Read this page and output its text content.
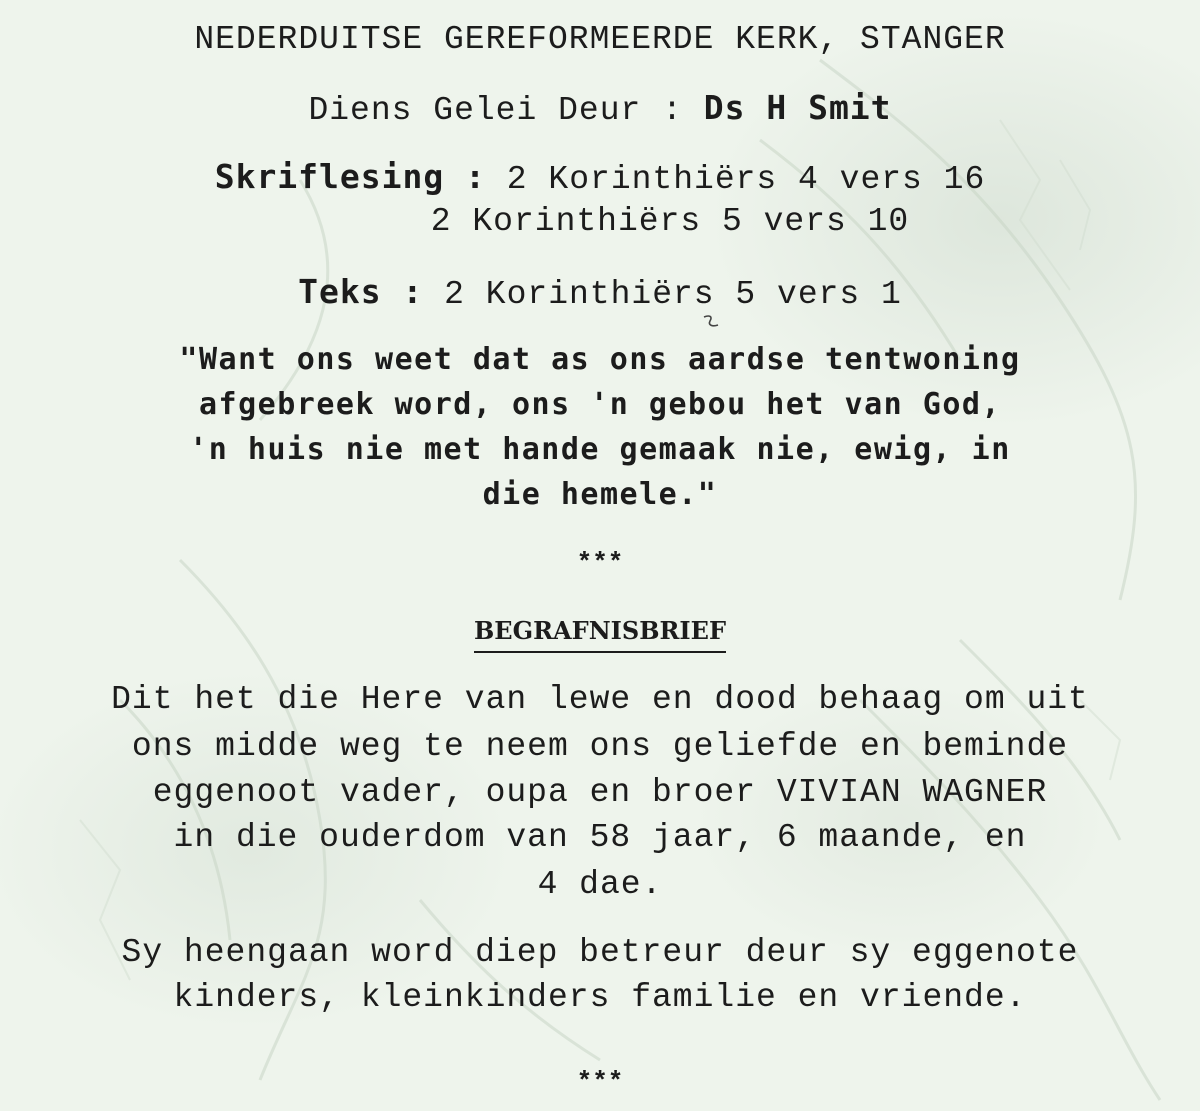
NEDERDUITSE GEREFORMEERDE KERK, STANGER
Diens Gelei Deur : Ds H Smit
Skriflesing : 2 Korinthiërs 4 vers 16
2 Korinthiërs 5 vers 10
Teks : 2 Korinthiërs 5 vers 1
"Want ons weet dat as ons aardse tentwoning
afgebreek word, ons 'n gebou het van God,
'n huis nie met hande gemaak nie, ewig, in
die hemele."
***
BEGRAFNISBRIEF
Dit het die Here van lewe en dood behaag om uit
ons midde weg te neem ons geliefde en beminde
eggenoot vader, oupa en broer VIVIAN WAGNER
in die ouderdom van 58 jaar, 6 maande, en
4 dae.
Sy heengaan word diep betreur deur sy eggenote
kinders, kleinkinders familie en vriende.
***
